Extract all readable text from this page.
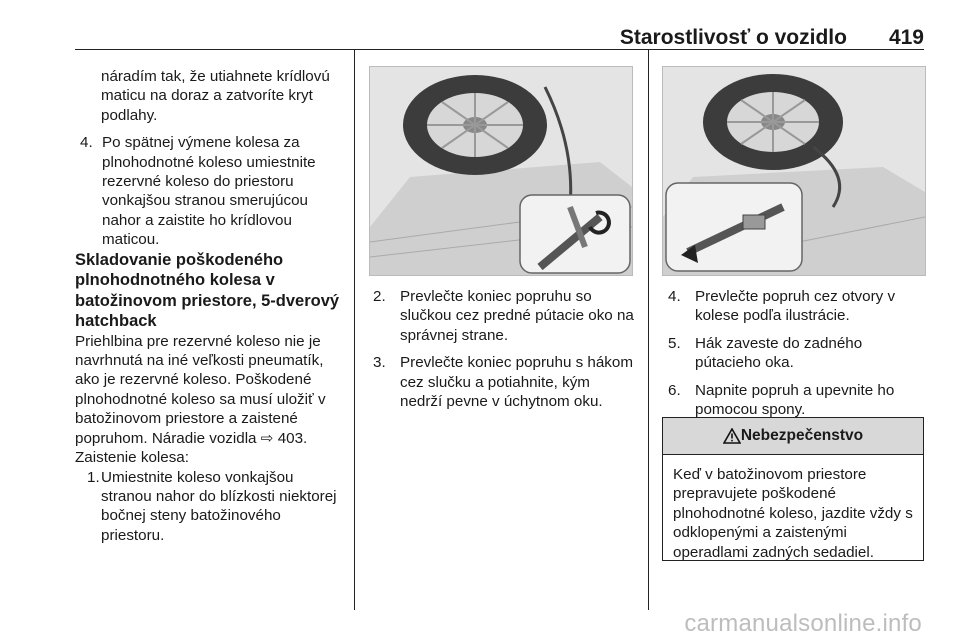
Starostlivosť o vozidlo 419

náradím tak, že utiahnete krídlovú maticu na doraz a zatvoríte kryt podlahy.

4. Po spätnej výmene kolesa za plnohodnotné koleso umiestnite rezervné koleso do priestoru vonkajšou stranou smerujúcou nahor a zaistite ho krídlovou maticou.

Skladovanie poškodeného plnohodnotného kolesa v batožinovom priestore, 5-dverový hatchback

Priehlbina pre rezervné koleso nie je navrhnutá na iné veľkosti pneumatík, ako je rezervné koleso. Poškodené plnohodnotné koleso sa musí uložiť v batožinovom priestore a zaistené popruhom. Náradie vozidla ⇨ 403.

Zaistenie kolesa:

1. Umiestnite koleso vonkajšou stranou nahor do blízkosti niektorej bočnej steny batožinového priestoru.

2. Prevlečte koniec popruhu so slučkou cez predné pútacie oko na správnej strane.

3. Prevlečte koniec popruhu s hákom cez slučku a potiahnite, kým nedrží pevne v úchytnom oku.

4. Prevlečte popruh cez otvory v kolese podľa ilustrácie.

5. Hák zaveste do zadného pútacieho oka.

6. Napnite popruh a upevnite ho pomocou spony.

Nebezpečenstvo
Keď v batožinovom priestore prepravujete poškodené plnohodnotné koleso, jazdite vždy s odklopenými a zaistenými operadlami zadných sedadiel.
carmanualsonline.info
